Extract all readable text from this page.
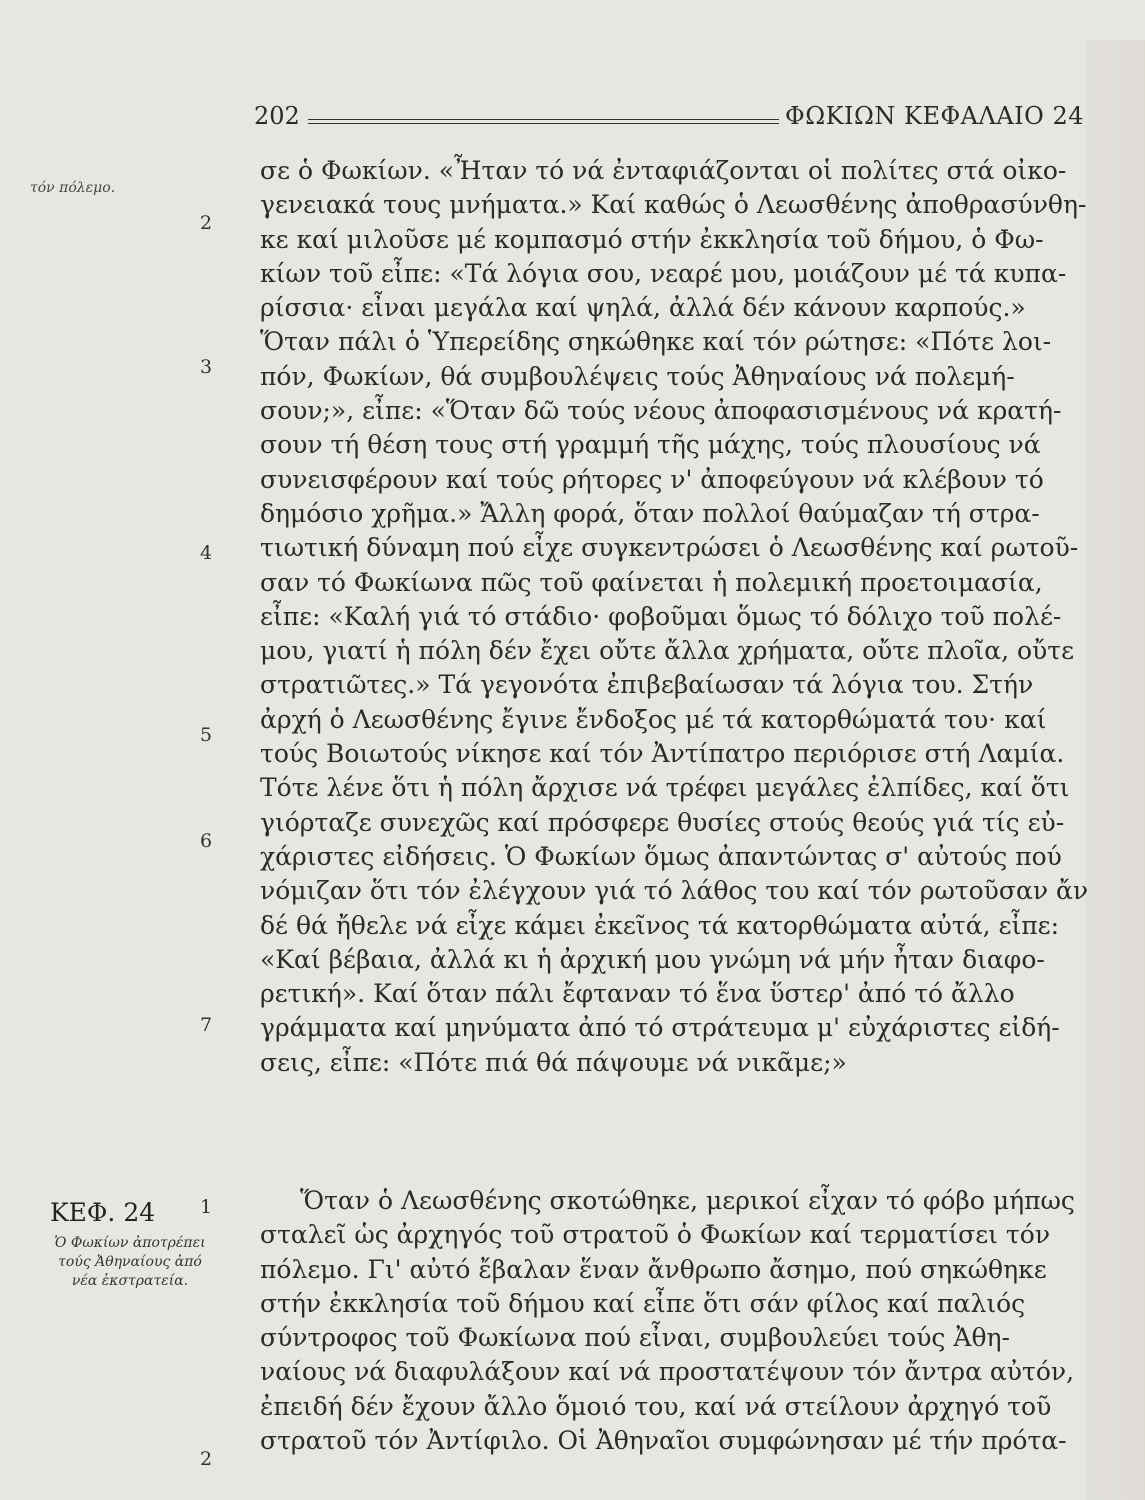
202	ΦΩΚΙΩΝ ΚΕΦΑΛΑΙΟ 24
τόν πόλεμο.
2
3
4
5
6
7
1
2
σε ὁ Φωκίων. «Ἦταν τό νά ἐνταφιάζονται οἱ πολίτες στά οἰκο-
γενειακά τους μνήματα.» Καί καθώς ὁ Λεωσθένης ἀποθρασύνθη-
κε καί μιλοῦσε μέ κομπασμό στήν ἐκκλησία τοῦ δήμου, ὁ Φω-
κίων τοῦ εἶπε: «Τά λόγια σου, νεαρέ μου, μοιάζουν μέ τά κυπα-
ρίσσια· εἶναι μεγάλα καί ψηλά, ἀλλά δέν κάνουν καρπούς.»
Ὅταν πάλι ὁ Ὑπερείδης σηκώθηκε καί τόν ρώτησε: «Πότε λοι-
πόν, Φωκίων, θά συμβουλέψεις τούς Ἀθηναίους νά πολεμή-
σουν;», εἶπε: «Ὅταν δῶ τούς νέους ἀποφασισμένους νά κρατή-
σουν τή θέση τους στή γραμμή τῆς μάχης, τούς πλουσίους νά
συνεισφέρουν καί τούς ρήτορες ν' ἀποφεύγουν νά κλέβουν τό
δημόσιο χρῆμα.» Ἄλλη φορά, ὅταν πολλοί θαύμαζαν τή στρα-
τιωτική δύναμη πού εἶχε συγκεντρώσει ὁ Λεωσθένης καί ρωτοῦ-
σαν τό Φωκίωνα πῶς τοῦ φαίνεται ἡ πολεμική προετοιμασία,
εἶπε: «Καλή γιά τό στάδιο· φοβοῦμαι ὅμως τό δόλιχο τοῦ πολέ-
μου, γιατί ἡ πόλη δέν ἔχει οὔτε ἄλλα χρήματα, οὔτε πλοῖα, οὔτε
στρατιῶτες.» Τά γεγονότα ἐπιβεβαίωσαν τά λόγια του. Στήν
ἀρχή ὁ Λεωσθένης ἔγινε ἔνδοξος μέ τά κατορθώματά του· καί
τούς Βοιωτούς νίκησε καί τόν Ἀντίπατρο περιόρισε στή Λαμία.
Τότε λένε ὅτι ἡ πόλη ἄρχισε νά τρέφει μεγάλες ἐλπίδες, καί ὅτι
γιόρταζε συνεχῶς καί πρόσφερε θυσίες στούς θεούς γιά τίς εὐ-
χάριστες εἰδήσεις. Ὁ Φωκίων ὅμως ἀπαντώντας σ' αὐτούς πού
νόμιζαν ὅτι τόν ἐλέγχουν γιά τό λάθος του καί τόν ρωτοῦσαν ἄν
δέ θά ἤθελε νά εἶχε κάμει ἐκεῖνος τά κατορθώματα αὐτά, εἶπε:
«Καί βέβαια, ἀλλά κι ἡ ἀρχική μου γνώμη νά μήν ἦταν διαφο-
ρετική». Καί ὅταν πάλι ἔφταναν τό ἕνα ὕστερ' ἀπό τό ἄλλο
γράμματα καί μηνύματα ἀπό τό στράτευμα μ' εὐχάριστες εἰδή-
σεις, εἶπε: «Πότε πιά θά πάψουμε νά νικᾶμε;»
ΚΕΦ. 24
Ὁ Φωκίων ἀποτρέπει τούς Ἀθηναίους ἀπό νέα ἐκστρατεία.
Ὅταν ὁ Λεωσθένης σκοτώθηκε, μερικοί εἶχαν τό φόβο μήπως
σταλεῖ ὡς ἀρχηγός τοῦ στρατοῦ ὁ Φωκίων καί τερματίσει τόν
πόλεμο. Γι' αὐτό ἔβαλαν ἕναν ἄνθρωπο ἄσημο, πού σηκώθηκε
στήν ἐκκλησία τοῦ δήμου καί εἶπε ὅτι σάν φίλος καί παλιός
σύντροφος τοῦ Φωκίωνα πού εἶναι, συμβουλεύει τούς Ἀθη-
ναίους νά διαφυλάξουν καί νά προστατέψουν τόν ἄντρα αὐτόν,
ἐπειδή δέν ἔχουν ἄλλο ὅμοιό του, καί νά στείλουν ἀρχηγό τοῦ
στρατοῦ τόν Ἀντίφιλο. Οἱ Ἀθηναῖοι συμφώνησαν μέ τήν πρότα-
